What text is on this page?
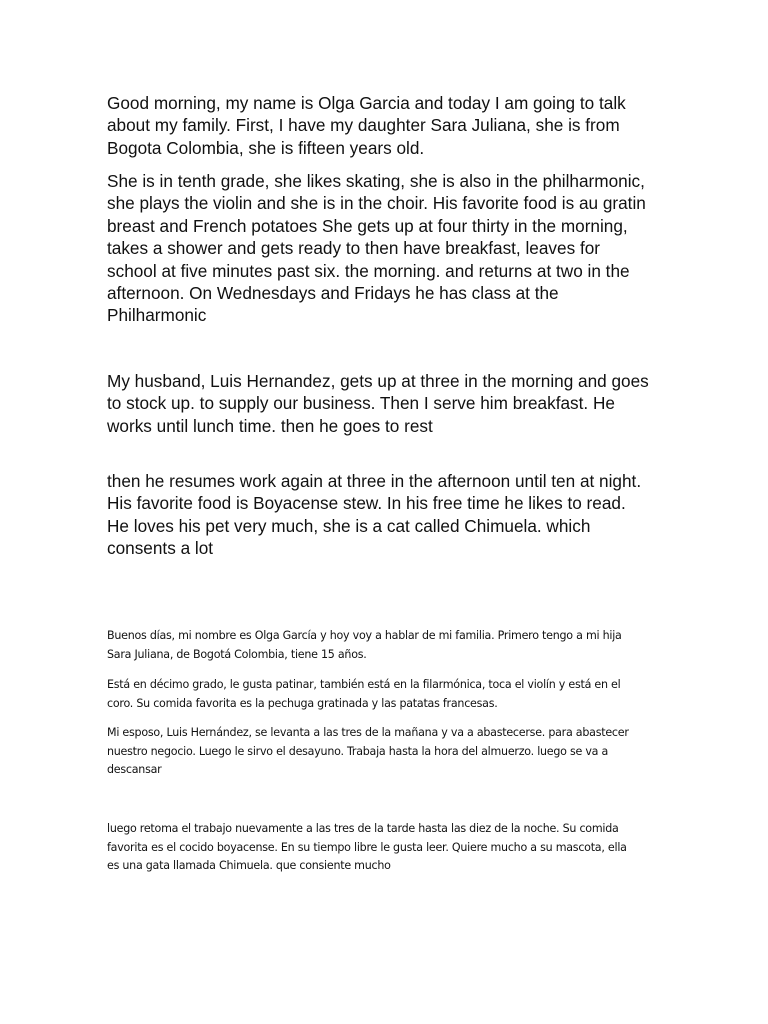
Good morning, my name is Olga Garcia and today I am going to talk
about my family. First, I have my daughter Sara Juliana, she is from
Bogota Colombia, she is fifteen years old.

She is in tenth grade, she likes skating, she is also in the philharmonic,
she plays the violin and she is in the choir. His favorite food is au gratin
breast and French potatoes She gets up at four thirty in the morning,
takes a shower and gets ready to then have breakfast, leaves for
school at five minutes past six. the morning. and returns at two in the
afternoon. On Wednesdays and Fridays he has class at the
Philharmonic

My husband, Luis Hernandez, gets up at three in the morning and goes
to stock up. to supply our business. Then I serve him breakfast. He
works until lunch time. then he goes to rest

then he resumes work again at three in the afternoon until ten at night.
His favorite food is Boyacense stew. In his free time he likes to read.
He loves his pet very much, she is a cat called Chimuela. which
consents a lot

Buenos días, mi nombre es Olga García y hoy voy a hablar de mi familia. Primero tengo a mi hija
Sara Juliana, de Bogotá Colombia, tiene 15 años.

Está en décimo grado, le gusta patinar, también está en la filarmónica, toca el violín y está en el
coro. Su comida favorita es la pechuga gratinada y las patatas francesas.

Mi esposo, Luis Hernández, se levanta a las tres de la mañana y va a abastecerse. para abastecer
nuestro negocio. Luego le sirvo el desayuno. Trabaja hasta la hora del almuerzo. luego se va a
descansar

luego retoma el trabajo nuevamente a las tres de la tarde hasta las diez de la noche. Su comida
favorita es el cocido boyacense. En su tiempo libre le gusta leer. Quiere mucho a su mascota, ella
es una gata llamada Chimuela. que consiente mucho
